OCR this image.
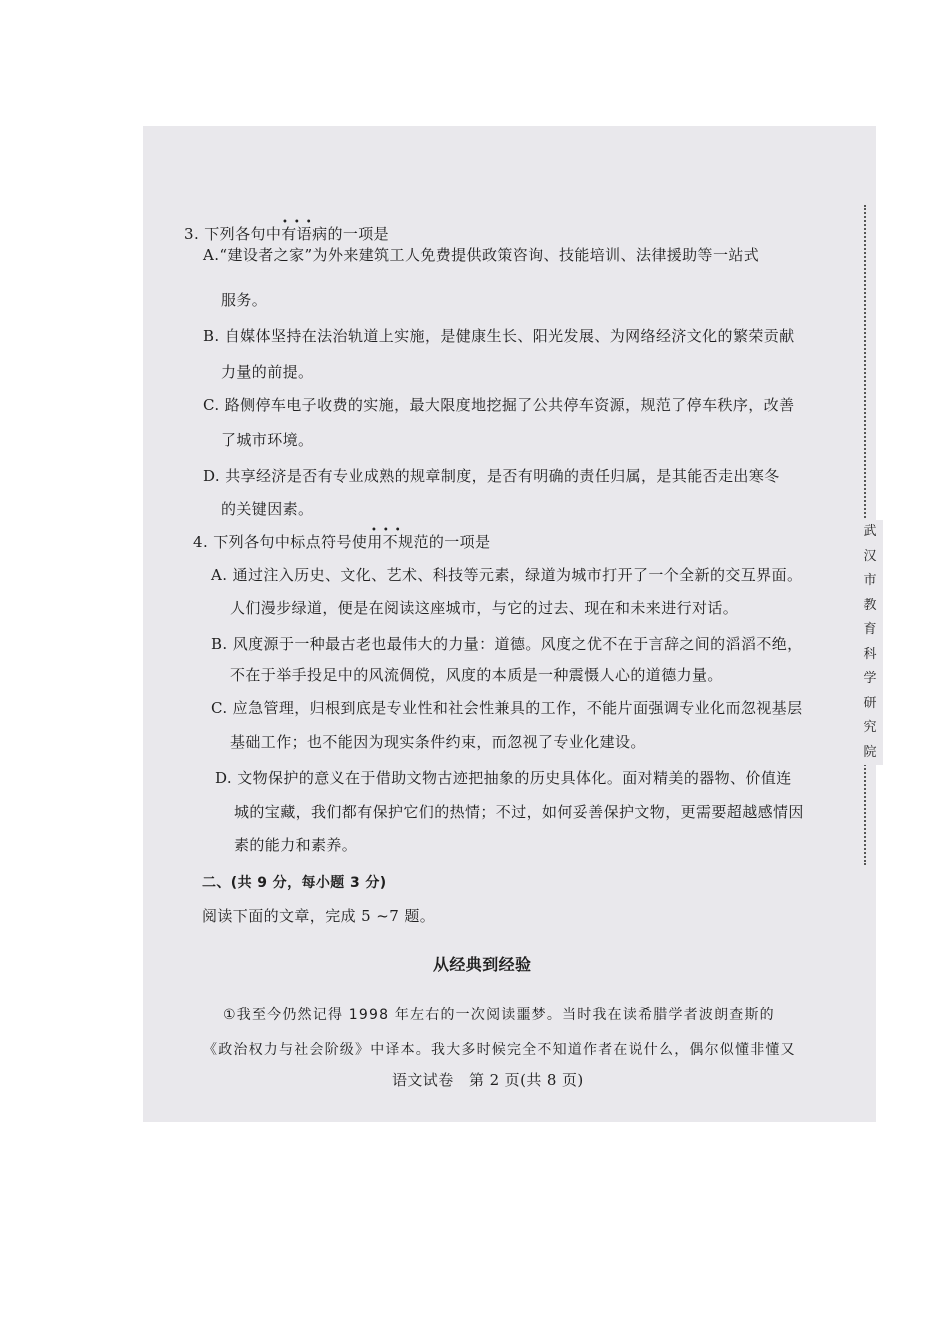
武
汉
市
教
育
科
学
研
究
院
3. 下列各句中有语病的一项是
•••
A.“建设者之家”为外来建筑工人免费提供政策咨询、技能培训、法律援助等一站式
服务。
B. 自媒体坚持在法治轨道上实施，是健康生长、阳光发展、为网络经济文化的繁荣贡献
力量的前提。
C. 路侧停车电子收费的实施，最大限度地挖掘了公共停车资源，规范了停车秩序，改善
了城市环境。
D. 共享经济是否有专业成熟的规章制度，是否有明确的责任归属，是其能否走出寒冬
的关键因素。
4. 下列各句中标点符号使用不规范的一项是
•••
A. 通过注入历史、文化、艺术、科技等元素，绿道为城市打开了一个全新的交互界面。
人们漫步绿道，便是在阅读这座城市，与它的过去、现在和未来进行对话。
B. 风度源于一种最古老也最伟大的力量：道德。风度之优不在于言辞之间的滔滔不绝，
不在于举手投足中的风流倜傥，风度的本质是一种震慑人心的道德力量。
C. 应急管理，归根到底是专业性和社会性兼具的工作，不能片面强调专业化而忽视基层
基础工作；也不能因为现实条件约束，而忽视了专业化建设。
D. 文物保护的意义在于借助文物古迹把抽象的历史具体化。面对精美的器物、价值连
城的宝藏，我们都有保护它们的热情；不过，如何妥善保护文物，更需要超越感情因
素的能力和素养。
二、(共 9 分，每小题 3 分)
阅读下面的文章，完成 5 ~7 题。
从经典到经验
①我至今仍然记得 1998 年左右的一次阅读噩梦。当时我在读希腊学者波朗查斯的
《政治权力与社会阶级》中译本。我大多时候完全不知道作者在说什么，偶尔似懂非懂又
语文试卷　第 2 页(共 8 页)
